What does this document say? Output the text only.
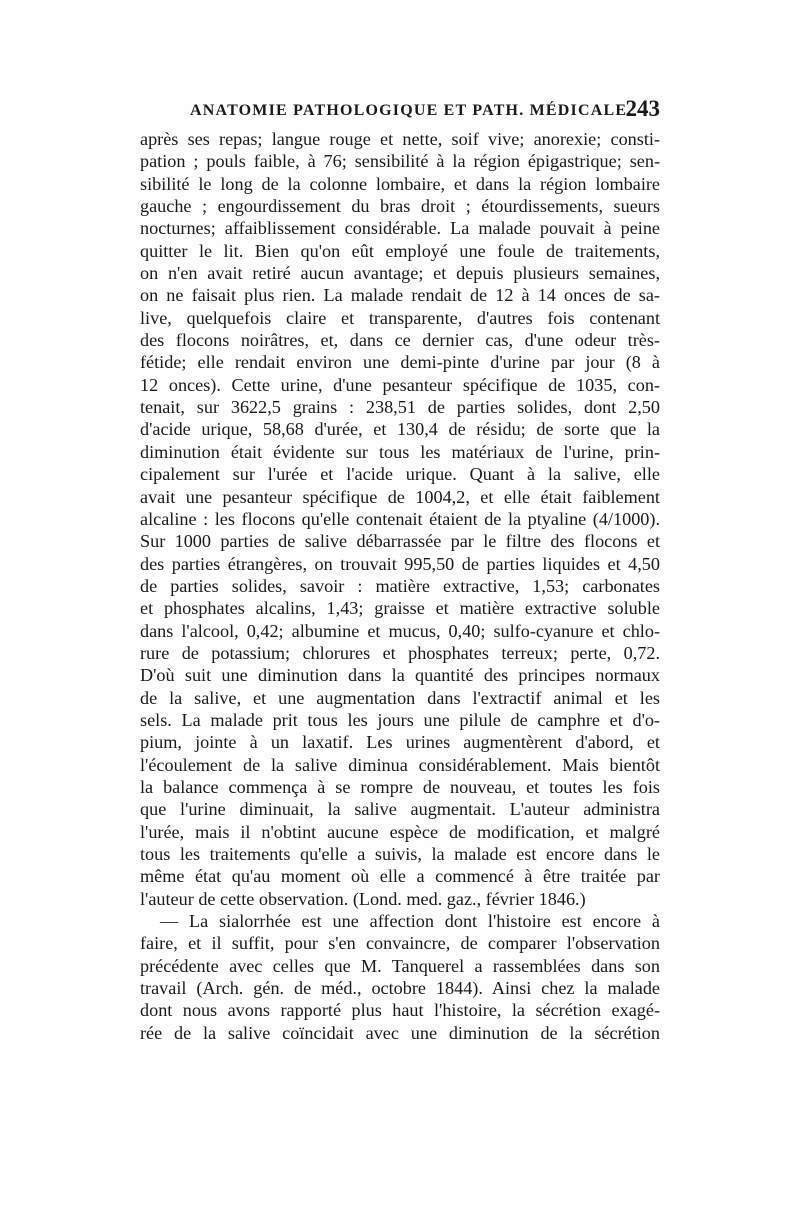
ANATOMIE PATHOLOGIQUE ET PATH. MÉDICALE.
243
après ses repas; langue rouge et nette, soif vive; anorexie; consti-
pation ; pouls faible, à 76; sensibilité à la région épigastrique; sen-
sibilité le long de la colonne lombaire, et dans la région lombaire
gauche ; engourdissement du bras droit ; étourdissements, sueurs
nocturnes; affaiblissement considérable. La malade pouvait à peine
quitter le lit. Bien qu'on eût employé une foule de traitements,
on n'en avait retiré aucun avantage; et depuis plusieurs semaines,
on ne faisait plus rien. La malade rendait de 12 à 14 onces de sa-
live, quelquefois claire et transparente, d'autres fois contenant
des flocons noirâtres, et, dans ce dernier cas, d'une odeur très-
fétide; elle rendait environ une demi-pinte d'urine par jour (8 à
12 onces). Cette urine, d'une pesanteur spécifique de 1035, con-
tenait, sur 3622,5 grains : 238,51 de parties solides, dont 2,50
d'acide urique, 58,68 d'urée, et 130,4 de résidu; de sorte que la
diminution était évidente sur tous les matériaux de l'urine, prin-
cipalement sur l'urée et l'acide urique. Quant à la salive, elle
avait une pesanteur spécifique de 1004,2, et elle était faiblement
alcaline : les flocons qu'elle contenait étaient de la ptyaline (4/1000).
Sur 1000 parties de salive débarrassée par le filtre des flocons et
des parties étrangères, on trouvait 995,50 de parties liquides et 4,50
de parties solides, savoir : matière extractive, 1,53; carbonates
et phosphates alcalins, 1,43; graisse et matière extractive soluble
dans l'alcool, 0,42; albumine et mucus, 0,40; sulfo-cyanure et chlo-
rure de potassium; chlorures et phosphates terreux; perte, 0,72.
D'où suit une diminution dans la quantité des principes normaux
de la salive, et une augmentation dans l'extractif animal et les
sels. La malade prit tous les jours une pilule de camphre et d'o-
pium, jointe à un laxatif. Les urines augmentèrent d'abord, et
l'écoulement de la salive diminua considérablement. Mais bientôt
la balance commença à se rompre de nouveau, et toutes les fois
que l'urine diminuait, la salive augmentait. L'auteur administra
l'urée, mais il n'obtint aucune espèce de modification, et malgré
tous les traitements qu'elle a suivis, la malade est encore dans le
même état qu'au moment où elle a commencé à être traitée par
l'auteur de cette observation. (Lond. med. gaz., février 1846.)
— La sialorrhée est une affection dont l'histoire est encore à
faire, et il suffit, pour s'en convaincre, de comparer l'observation
précédente avec celles que M. Tanquerel a rassemblées dans son
travail (Arch. gén. de méd., octobre 1844). Ainsi chez la malade
dont nous avons rapporté plus haut l'histoire, la sécrétion exagé-
rée de la salive coïncidait avec une diminution de la sécrétion
